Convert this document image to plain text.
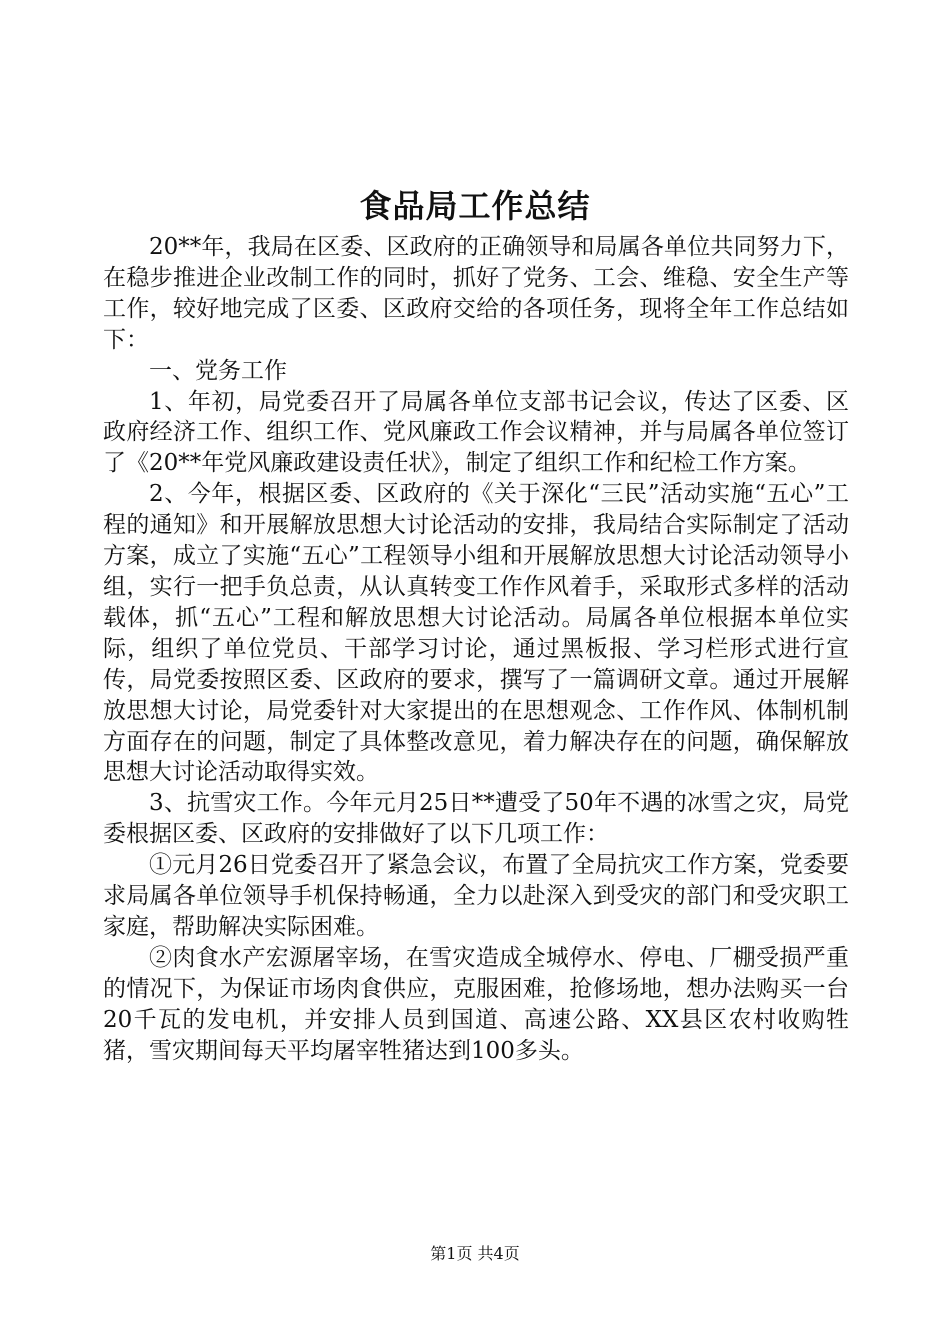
食品局工作总结

20**年，我局在区委、区政府的正确领导和局属各单位共同努力下，在稳步推进企业改制工作的同时，抓好了党务、工会、维稳、安全生产等工作，较好地完成了区委、区政府交给的各项任务，现将全年工作总结如下：

一、党务工作

1、年初，局党委召开了局属各单位支部书记会议，传达了区委、区政府经济工作、组织工作、党风廉政工作会议精神，并与局属各单位签订了《20**年党风廉政建设责任状》，制定了组织工作和纪检工作方案。

2、今年，根据区委、区政府的《关于深化“三民”活动实施“五心”工程的通知》和开展解放思想大讨论活动的安排，我局结合实际制定了活动方案，成立了实施“五心”工程领导小组和开展解放思想大讨论活动领导小组，实行一把手负总责，从认真转变工作作风着手，采取形式多样的活动载体，抓“五心”工程和解放思想大讨论活动。局属各单位根据本单位实际，组织了单位党员、干部学习讨论，通过黑板报、学习栏形式进行宣传，局党委按照区委、区政府的要求，撰写了一篇调研文章。通过开展解放思想大讨论，局党委针对大家提出的在思想观念、工作作风、体制机制方面存在的问题，制定了具体整改意见，着力解决存在的问题，确保解放思想大讨论活动取得实效。

3、抗雪灾工作。今年元月25日**遭受了50年不遇的冰雪之灾，局党委根据区委、区政府的安排做好了以下几项工作：

①元月26日党委召开了紧急会议，布置了全局抗灾工作方案，党委要求局属各单位领导手机保持畅通，全力以赴深入到受灾的部门和受灾职工家庭，帮助解决实际困难。

②肉食水产宏源屠宰场，在雪灾造成全城停水、停电、厂棚受损严重的情况下，为保证市场肉食供应，克服困难，抢修场地，想办法购买一台20千瓦的发电机，并安排人员到国道、高速公路、XX县区农村收购牲猪，雪灾期间每天平均屠宰牲猪达到100多头。

第1页 共4页
